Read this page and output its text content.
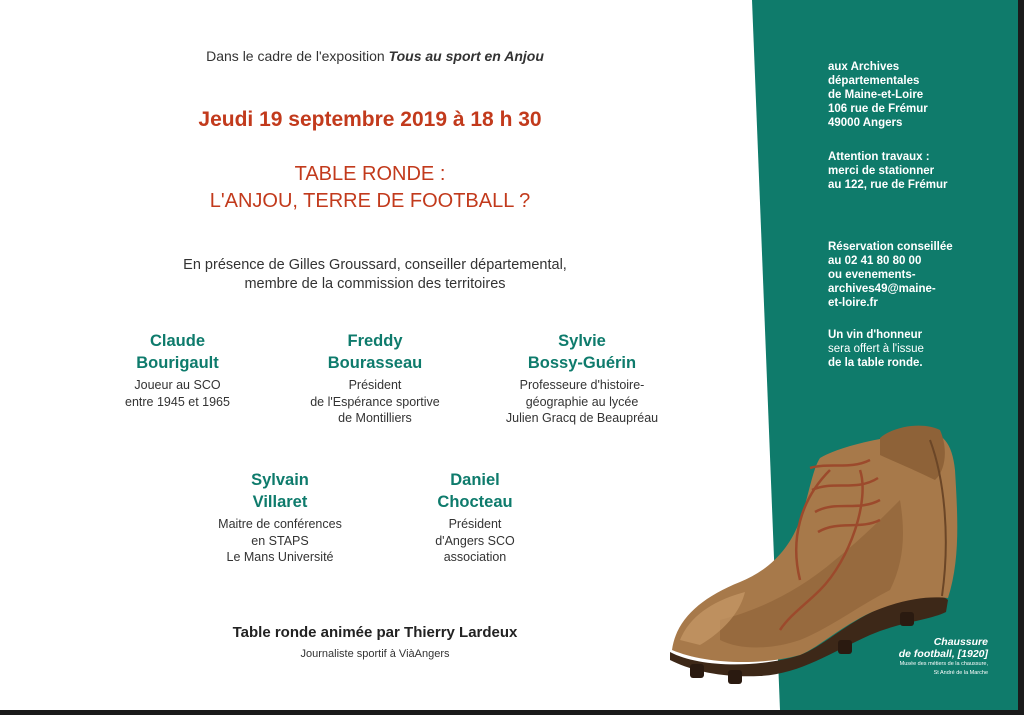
Dans le cadre de l'exposition Tous au sport en Anjou
Jeudi 19 septembre 2019 à 18 h 30
TABLE RONDE :
L'ANJOU, TERRE DE FOOTBALL ?
En présence de Gilles Groussard, conseiller départemental,
membre de la commission des territoires
Claude
Bourigault
Joueur au SCO
entre 1945 et 1965
Freddy
Bourasseau
Président
de l'Espérance sportive
de Montilliers
Sylvie
Bossy-Guérin
Professeure d'histoire-
géographie au lycée
Julien Gracq de Beaupréau
Sylvain
Villaret
Maitre de conférences
en STAPS
Le Mans Université
Daniel
Chocteau
Président
d'Angers SCO
association
Table ronde animée par Thierry Lardeux
Journaliste sportif à ViàAngers
aux Archives
départementales
de Maine-et-Loire
106 rue de Frémur
49000 Angers
Attention travaux :
merci de stationner
au 122, rue de Frémur
Réservation conseillée
au 02 41 80 80 00
ou evenements-
archives49@maine-
et-loire.fr
Un vin d'honneur
sera offert à l'issue
de la table ronde.
Chaussure
de football, [1920]
Musée des métiers de la chaussure,
St André de la Marche
